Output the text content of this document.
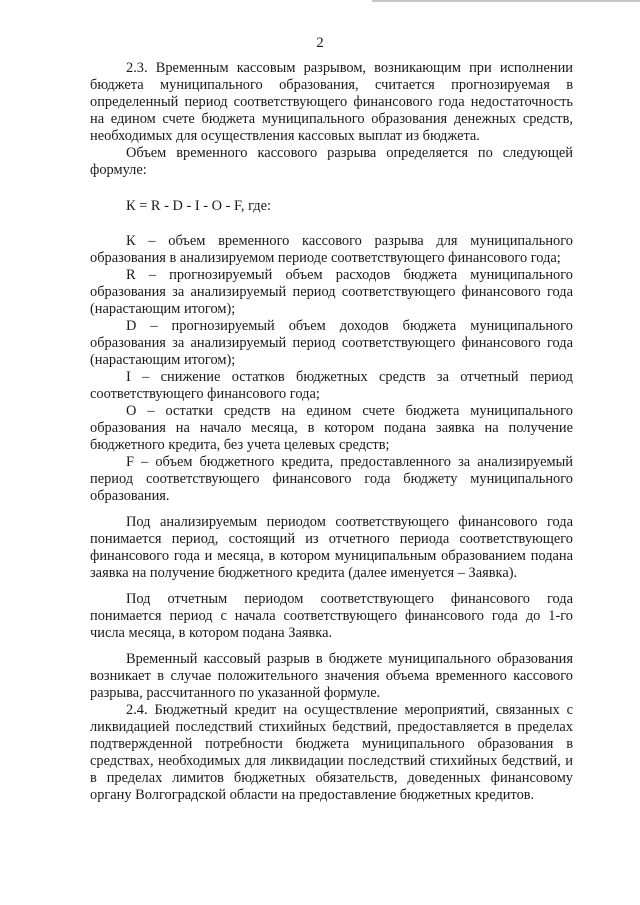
2

2.3. Временным кассовым разрывом, возникающим при исполнении бюджета муниципального образования, считается прогнозируемая в определенный период соответствующего финансового года недостаточность на едином счете бюджета муниципального образования денежных средств, необходимых для осуществления кассовых выплат из бюджета.

Объем временного кассового разрыва определяется по следующей формуле:

К = R - D - I - O - F, где:

К – объем временного кассового разрыва для муниципального образования в анализируемом периоде соответствующего финансового года;

R – прогнозируемый объем расходов бюджета муниципального образования за анализируемый период соответствующего финансового года (нарастающим итогом);

D – прогнозируемый объем доходов бюджета муниципального образования за анализируемый период соответствующего финансового года (нарастающим итогом);

I – снижение остатков бюджетных средств за отчетный период соответствующего финансового года;

O – остатки средств на едином счете бюджета муниципального образования на начало месяца, в котором подана заявка на получение бюджетного кредита, без учета целевых средств;

F – объем бюджетного кредита, предоставленного за анализируемый период соответствующего финансового года бюджету муниципального образования.

Под анализируемым периодом соответствующего финансового года понимается период, состоящий из отчетного периода соответствующего финансового года и месяца, в котором муниципальным образованием подана заявка на получение бюджетного кредита (далее именуется – Заявка).

Под отчетным периодом соответствующего финансового года понимается период с начала соответствующего финансового года до 1-го числа месяца, в котором подана Заявка.

Временный кассовый разрыв в бюджете муниципального образования возникает в случае положительного значения объема временного кассового разрыва, рассчитанного по указанной формуле.

2.4. Бюджетный кредит на осуществление мероприятий, связанных с ликвидацией последствий стихийных бедствий, предоставляется в пределах подтвержденной потребности бюджета муниципального образования в средствах, необходимых для ликвидации последствий стихийных бедствий, и в пределах лимитов бюджетных обязательств, доведенных финансовому органу Волгоградской области на предоставление бюджетных кредитов.
